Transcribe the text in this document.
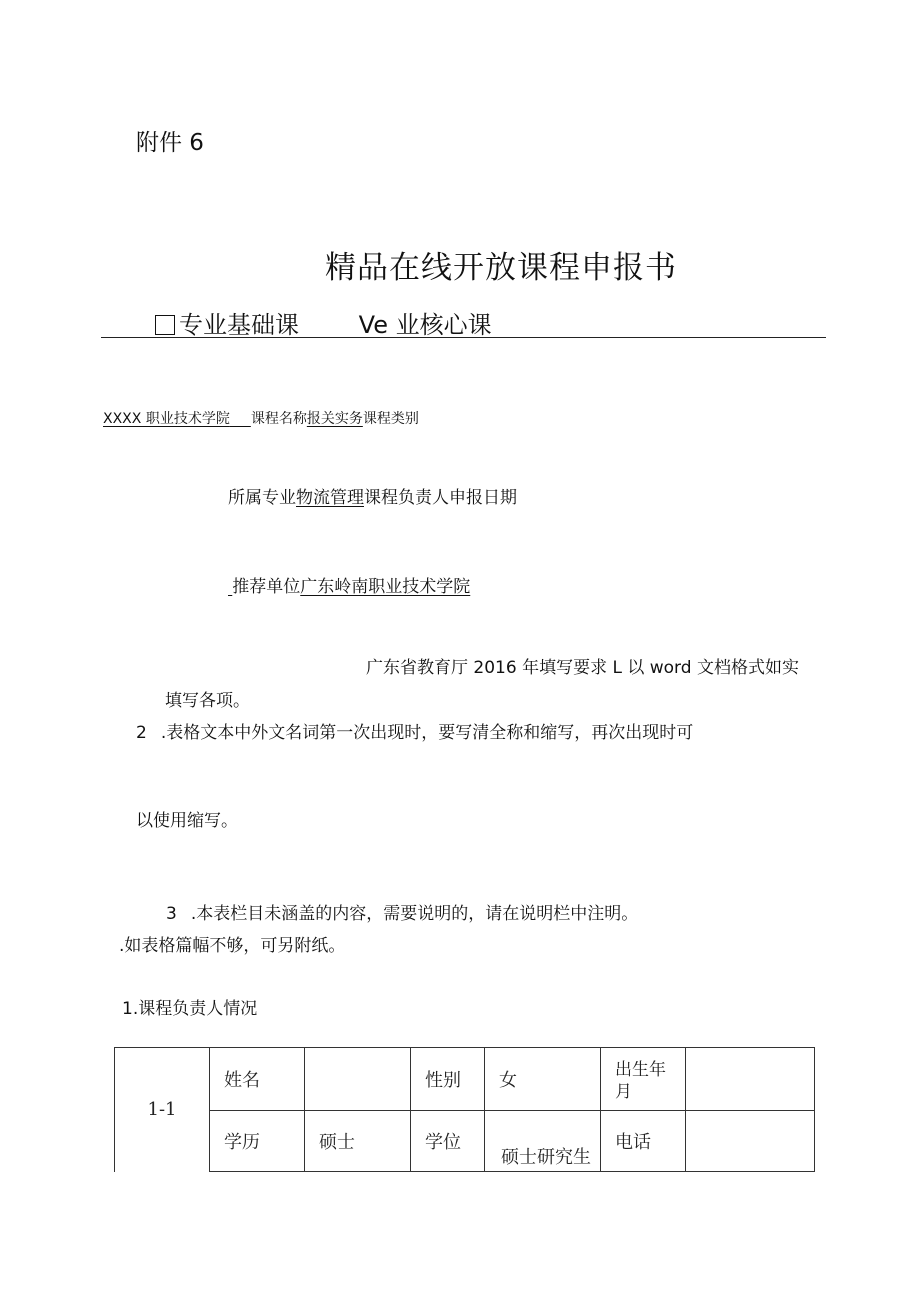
附件 6
精品在线开放课程申报书
专业基础课 Ve 业核心课
XXXX 职业技术学院   课程名称报关实务课程类别
所属专业物流管理课程负责人申报日期
 推荐单位广东岭南职业技术学院
广东省教育厅 2016 年填写要求 L 以 word 文档格式如实
填写各项。
2 .表格文本中外文名词第一次出现时，要写清全称和缩写，再次出现时可
以使用缩写。
3 .本表栏目未涵盖的内容，需要说明的，请在说明栏中注明。
.如表格篇幅不够，可另附纸。
1.课程负责人情况
1-1	姓名		性别	女	出生年月	
	学历	硕士	学位	硕士研究生	电话	
